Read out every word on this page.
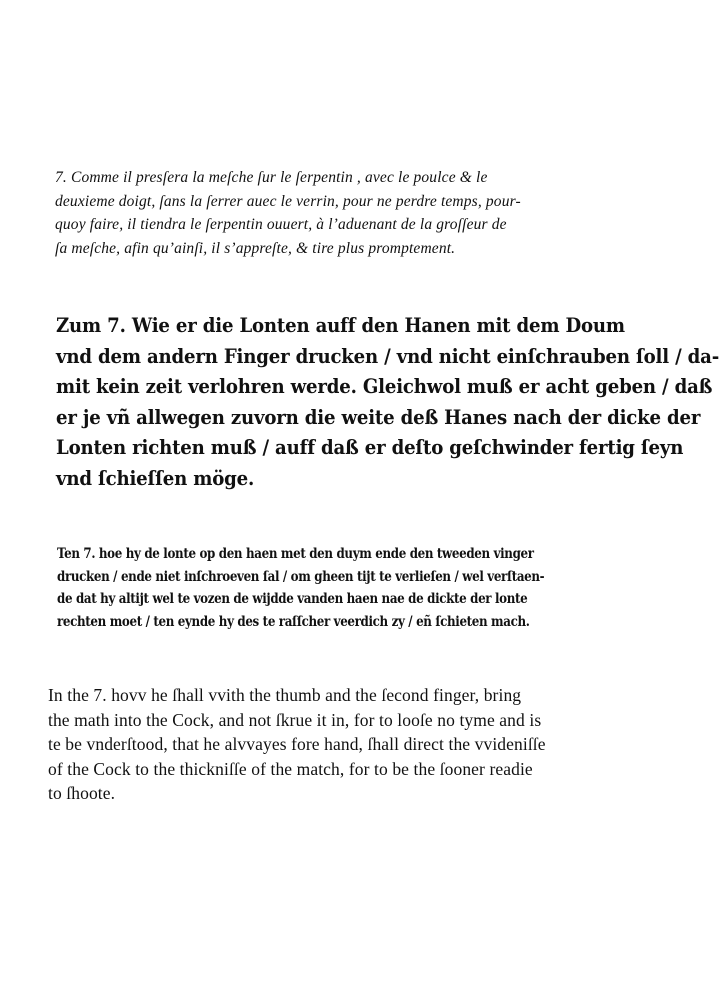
7. Comme il presſera la meſche ſur le ſerpentin , avec le poulce & le
deuxieme doigt, ſans la ſerrer auec le verrin, pour ne perdre temps, pour-
quoy faire, il tiendra le ſerpentin ouuert, à l’aduenant de la groſſeur de
ſa meſche, afin qu’ainſi, il s’appreſte, & tire plus promptement.
Zum 7. Wie er die Lonten auff den Hanen mit dem Doum
vnd dem andern Finger drucken / vnd nicht einſchrauben ſoll / da-
mit kein zeit verlohren werde. Gleichwol muß er acht geben / daß
er je vñ allwegen zuvorn die weite deß Hanes nach der dicke der
Lonten richten muß / auff daß er deſto geſchwinder fertig ſeyn
vnd ſchieſſen möge.
Ten 7. hoe hy de lonte op den haen met den duym ende den tweeden vinger
drucken / ende niet inſchroeven ſal / om gheen tijt te verlieſen / wel verſtaen-
de dat hy altijt wel te vozen de wijdde vanden haen nae de dickte der lonte
rechten moet / ten eynde hy des te raſſcher veerdich zy / eñ ſchieten mach.
In the 7. hovv he ſhall vvith the thumb and the ſecond finger, bring
the math into the Cock, and not ſkrue it in, for to looſe no tyme and is
te be vnderſtood, that he alvvayes fore hand, ſhall direct the vvideniſſe
of the Cock to the thickniſſe of the match, for to be the ſooner readie
to ſhoote.
